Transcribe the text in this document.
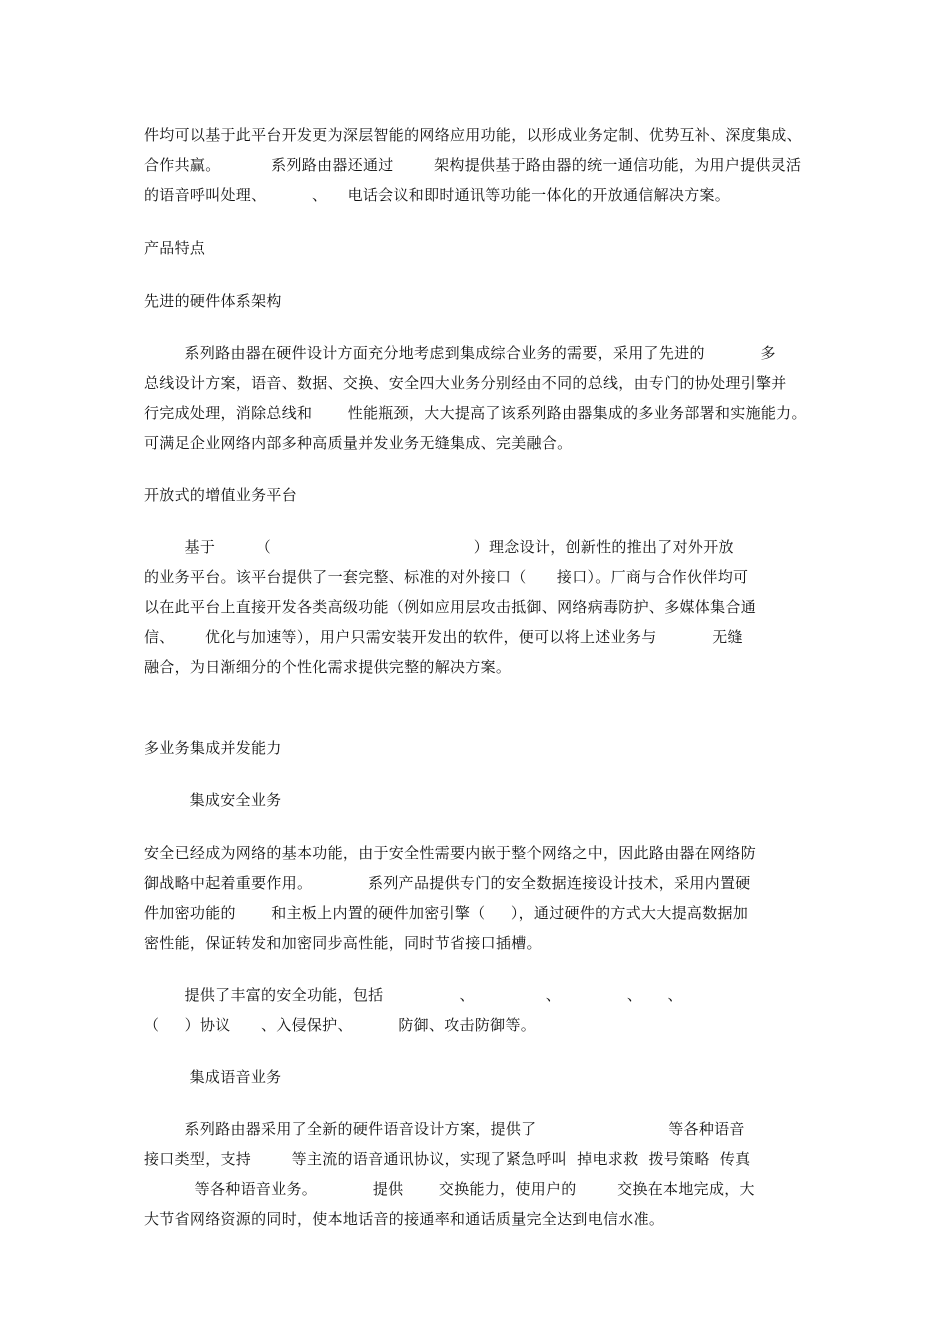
件均可以基于此平台开发更为深层智能的网络应用功能，以形成业务定制、优势互补、深度集成、
合作共赢。          系列路由器还通过        架构提供基于路由器的统一通信功能，为用户提供灵活
的语音呼叫处理、         、    电话会议和即时通讯等功能一体化的开放通信解决方案。
产品特点
先进的硬件体系架构
系列路由器在硬件设计方面充分地考虑到集成综合业务的需要，采用了先进的           多
总线设计方案，语音、数据、交换、安全四大业务分别经由不同的总线，由专门的协处理引擎并
行完成处理，消除总线和       性能瓶颈，大大提高了该系列路由器集成的多业务部署和实施能力。
可满足企业网络内部多种高质量并发业务无缝集成、完美融合。
开放式的增值业务平台
基于        （                                        ）理念设计，创新性的推出了对外开放
的业务平台。该平台提供了一套完整、标准的对外接口（      接口）。厂商与合作伙伴均可
以在此平台上直接开发各类高级功能（例如应用层攻击抵御、网络病毒防护、多媒体集合通
信、      优化与加速等），用户只需安装开发出的软件，便可以将上述业务与           无缝
融合，为日渐细分的个性化需求提供完整的解决方案。
多业务集成并发能力
集成安全业务
安全已经成为网络的基本功能，由于安全性需要内嵌于整个网络之中，因此路由器在网络防
御战略中起着重要作用。           系列产品提供专门的安全数据连接设计技术，采用内置硬
件加密功能的       和主板上内置的硬件加密引擎（     ），通过硬件的方式大大提高数据加
密性能，保证转发和加密同步高性能，同时节省接口插槽。
提供了丰富的安全功能，包括               、              、             、     、
（     ）协议      、入侵保护、         防御、攻击防御等。
集成语音业务
系列路由器采用了全新的硬件语音设计方案，提供了                          等各种语音
接口类型，支持        等主流的语音通讯协议，实现了紧急呼叫  掉电求救  拨号策略  传真
等各种语音业务。           提供       交换能力，使用户的        交换在本地完成，大
大节省网络资源的同时，使本地话音的接通率和通话质量完全达到电信水准。
